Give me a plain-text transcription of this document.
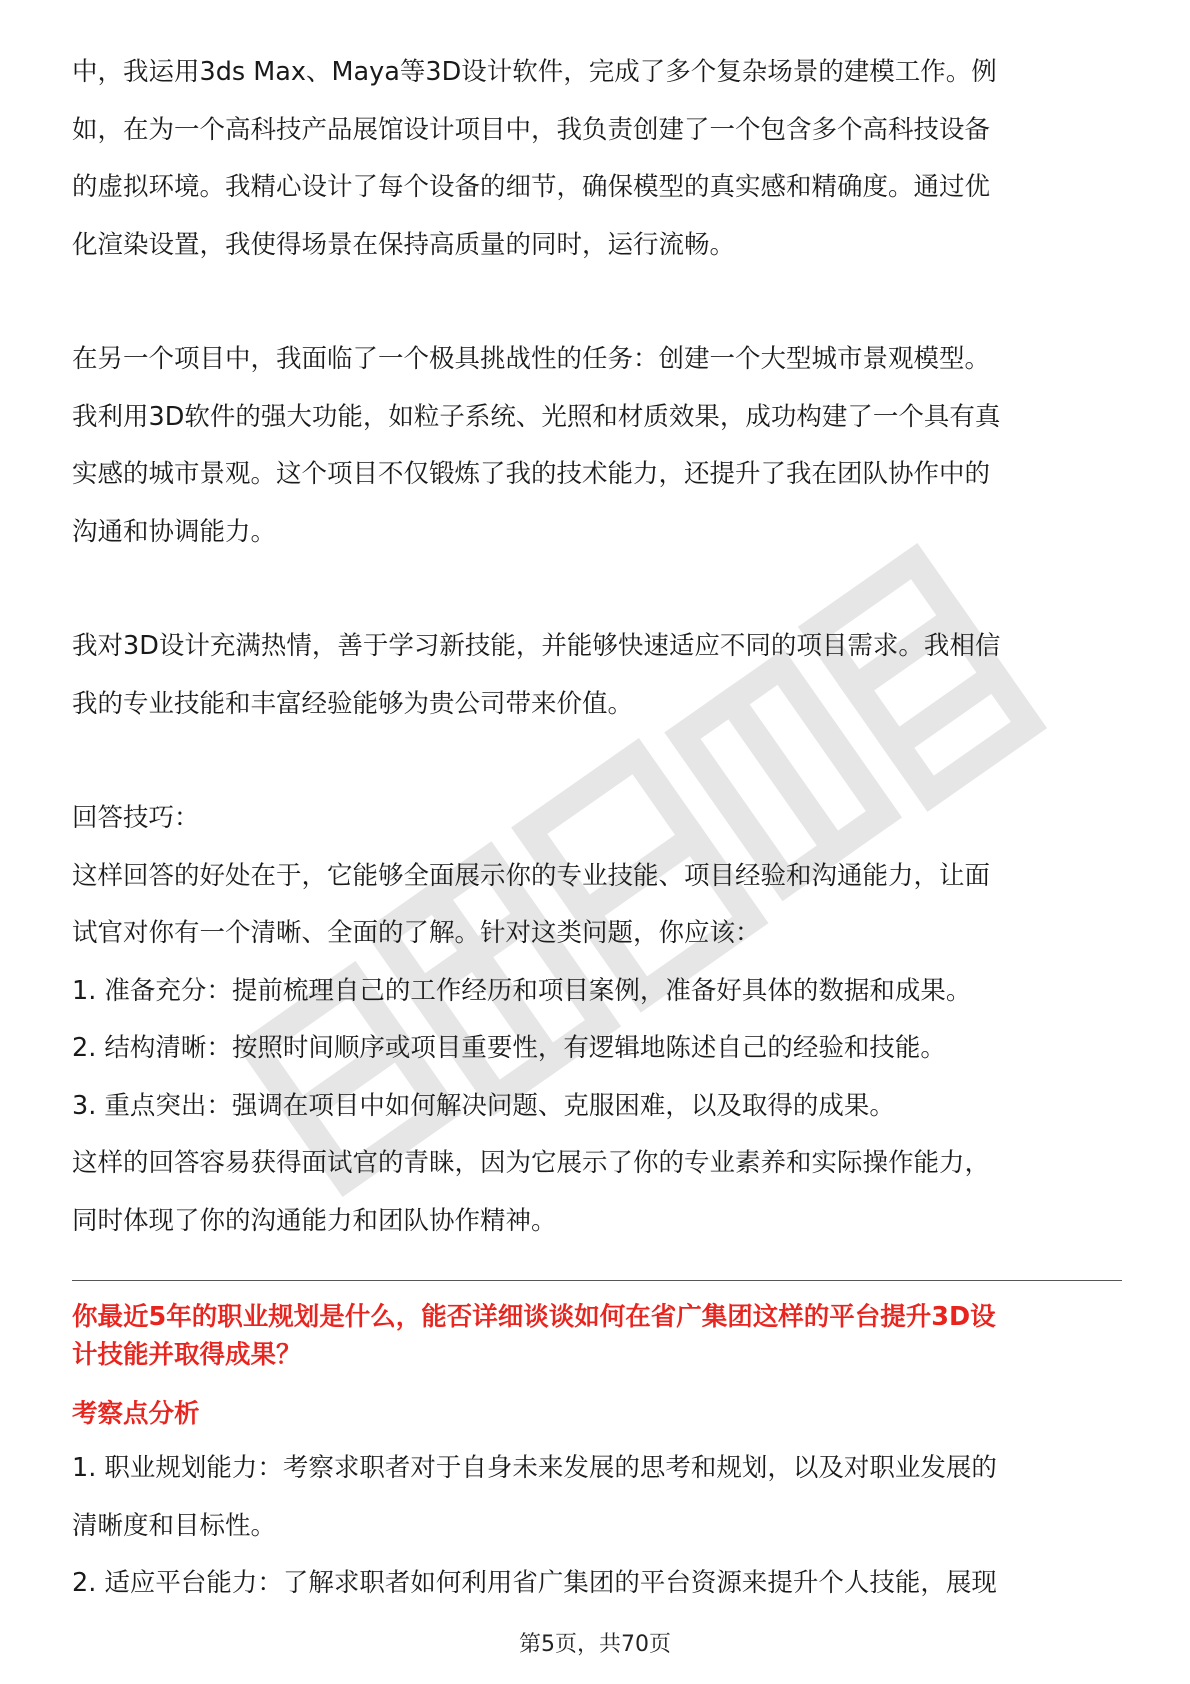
中，我运用3ds Max、Maya等3D设计软件，完成了多个复杂场景的建模工作。例
如，在为一个高科技产品展馆设计项目中，我负责创建了一个包含多个高科技设备
的虚拟环境。我精心设计了每个设备的细节，确保模型的真实感和精确度。通过优
化渲染设置，我使得场景在保持高质量的同时，运行流畅。
在另一个项目中，我面临了一个极具挑战性的任务：创建一个大型城市景观模型。
我利用3D软件的强大功能，如粒子系统、光照和材质效果，成功构建了一个具有真
实感的城市景观。这个项目不仅锻炼了我的技术能力，还提升了我在团队协作中的
沟通和协调能力。
我对3D设计充满热情，善于学习新技能，并能够快速适应不同的项目需求。我相信
我的专业技能和丰富经验能够为贵公司带来价值。
回答技巧：
这样回答的好处在于，它能够全面展示你的专业技能、项目经验和沟通能力，让面
试官对你有一个清晰、全面的了解。针对这类问题，你应该：
1. 准备充分：提前梳理自己的工作经历和项目案例，准备好具体的数据和成果。
2. 结构清晰：按照时间顺序或项目重要性，有逻辑地陈述自己的经验和技能。
3. 重点突出：强调在项目中如何解决问题、克服困难，以及取得的成果。
这样的回答容易获得面试官的青睐，因为它展示了你的专业素养和实际操作能力，
同时体现了你的沟通能力和团队协作精神。
你最近5年的职业规划是什么，能否详细谈谈如何在省广集团这样的平台提升3D设
计技能并取得成果？
考察点分析
1. 职业规划能力：考察求职者对于自身未来发展的思考和规划，以及对职业发展的
清晰度和目标性。
2. 适应平台能力：了解求职者如何利用省广集团的平台资源来提升个人技能，展现
第5页，共70页
